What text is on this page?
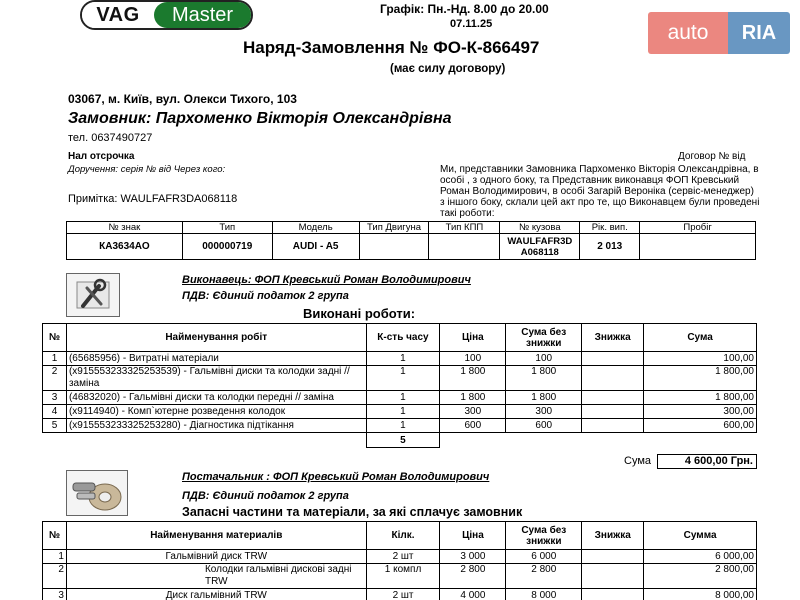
VAG	Master
auto	RIA
Графік: Пн.-Нд. 8.00 до 20.00
07.11.25
Наряд-Замовлення № ФО-К-866497
(має силу договору)
03067, м. Київ, вул. Олекси Тихого, 103
Замовник: Пархоменко Вікторія Олександрівна
тел. 0637490727
Нал отсрочка
Доручення: серія № від Через кого:
Примітка: WAULFAFR3DA068118
Договор № від
Ми, представники Замовника Пархоменко Вікторія Олександрівна, в особі , з одного боку, та Представник виконавця ФОП Кревський Роман Володимирович, в особі Загарій Вероніка (сервіс-менеджер) з іншого боку, склали цей акт про те, що Виконавцем були проведені такі роботи:
№ знак	Тип	Модель	Тип Двигуна	Тип КПП	№ кузова	Рік. вип.	Пробіг
КА3634АО	000000719	AUDI - A5			WAULFAFR3D A068118	2 013	
Виконавець: ФОП Кревський Роман Володимирович
ПДВ: Єдиний податок 2 група
Виконані роботи:
№	Найменування робіт	К-сть часу	Ціна	Сума без знижки	Знижка	Сума
1	(65685956) - Витратні матеріали	1	100	100		100,00
2	(х915553233325253539) - Гальмівні диски та колодки задні // заміна	1	1 800	1 800		1 800,00
3	(46832020) - Гальмівні диски та колодки передні // заміна	1	1 800	1 800		1 800,00
4	(х9114940) - Комп`ютерне розведення колодок	1	300	300		300,00
5	(х915553233325253280) - Діагностика підтікання	1	600	600		600,00
		5				
Сума	4 600,00 Грн.
Постачальник : ФОП Кревський Роман Володимирович
ПДВ: Єдиний податок 2 група
Запасні частини та матеріали, за які сплачує замовник
№	Найменування материалів	Кілк.	Ціна	Сума без знижки	Знижка	Сумма
1	Гальмівний диск TRW	2 шт	3 000	6 000		6 000,00
2	Колодки гальмівні дискові задні TRW	1 компл	2 800	2 800		2 800,00
3	Диск гальмівний TRW	2 шт	4 000	8 000		8 000,00
